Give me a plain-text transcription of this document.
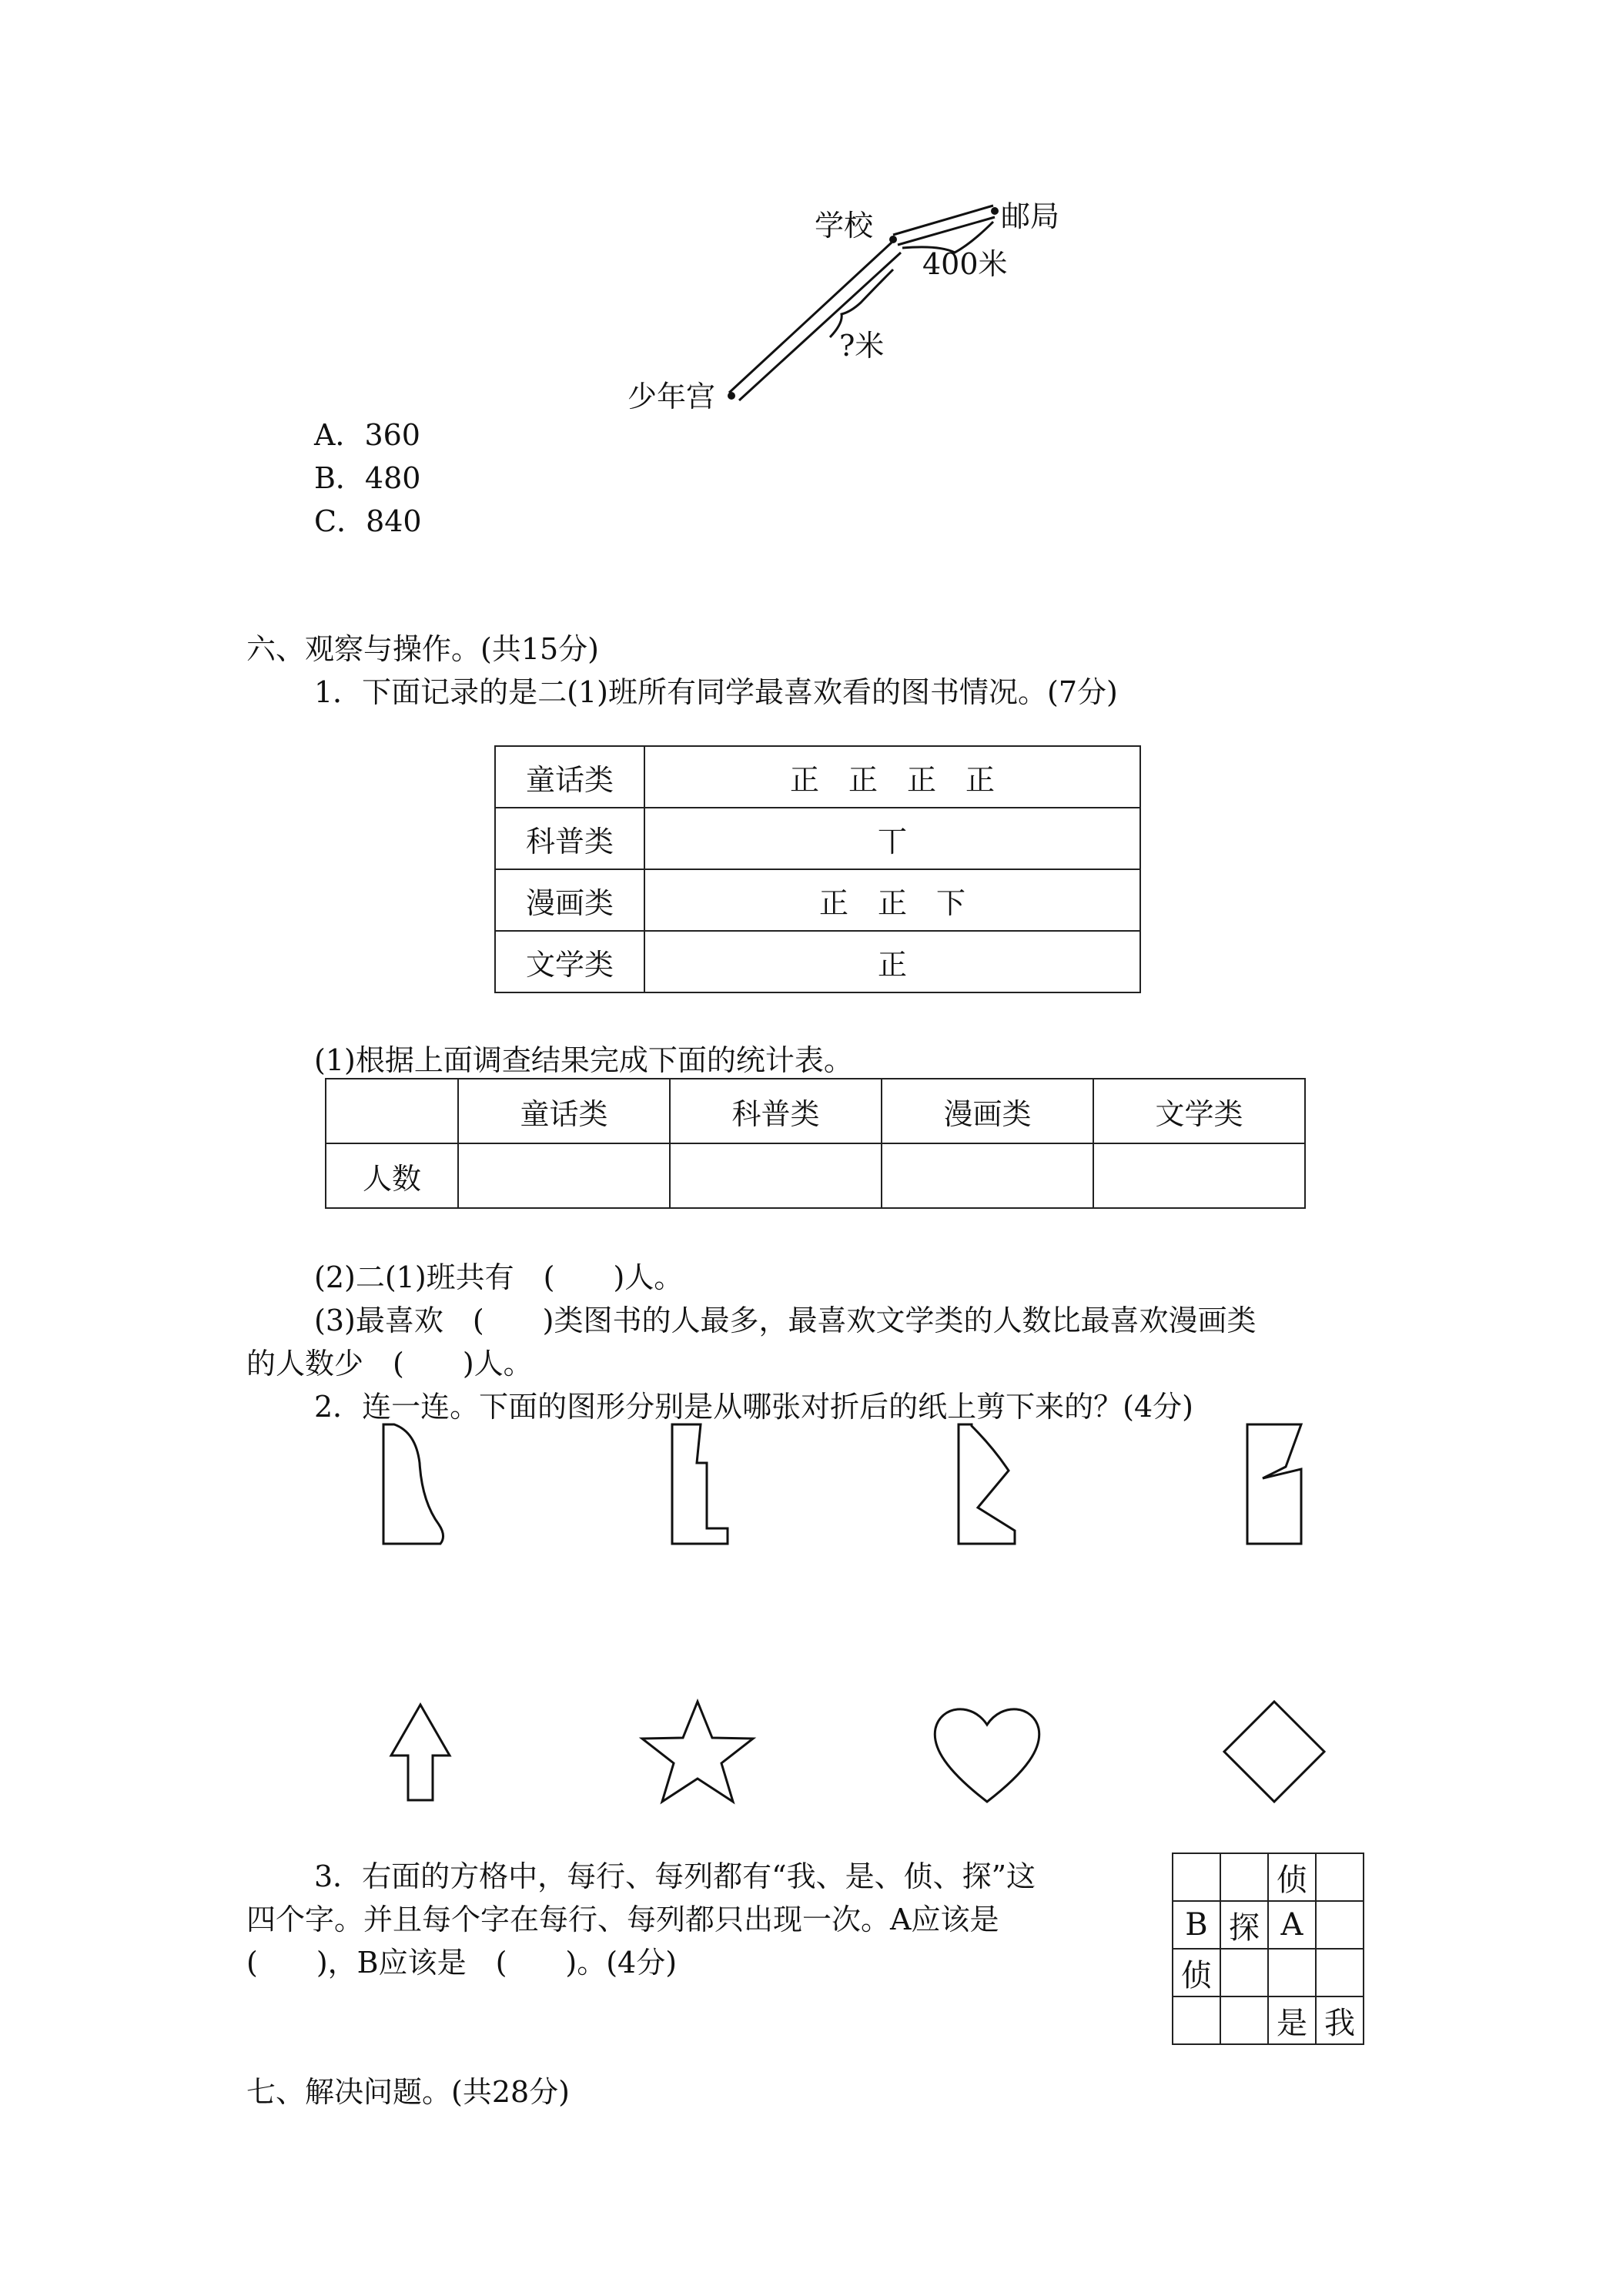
学校	邮局
400米
?米
少年宫
A．360
B．480
C．840
六、观察与操作。(共15分)
1．下面记录的是二(1)班所有同学最喜欢看的图书情况。(7分)
童话类	正　正　正　正
科普类	丅
漫画类	正　正　下
文学类	正
(1)根据上面调查结果完成下面的统计表。
	童话类	科普类	漫画类	文学类
人数				
(2)二(1)班共有　(　　)人。
(3)最喜欢　(　　)类图书的人最多，最喜欢文学类的人数比最喜欢漫画类
的人数少　(　　)人。
2．连一连。下面的图形分别是从哪张对折后的纸上剪下来的？(4分)
3．右面的方格中，每行、每列都有“我、是、侦、探”这
四个字。并且每个字在每行、每列都只出现一次。A应该是
(　　)，B应该是　(　　)。(4分)
		侦	
B	探	A	
侦			
		是	我
七、解决问题。(共28分)
